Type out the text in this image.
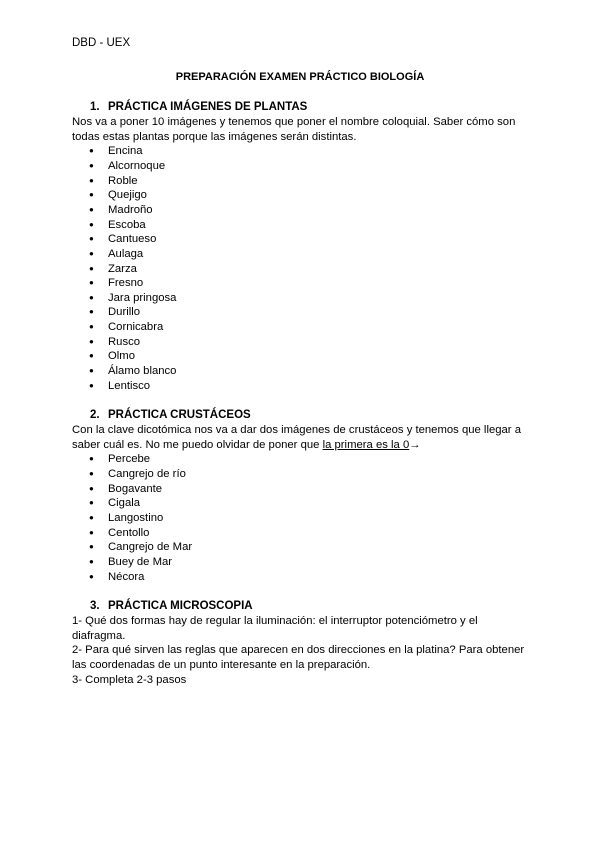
DBD - UEX
PREPARACIÓN EXAMEN PRÁCTICO BIOLOGÍA
1. PRÁCTICA IMÁGENES DE PLANTAS
Nos va a poner 10 imágenes y tenemos que poner el nombre coloquial. Saber cómo son todas estas plantas porque las imágenes serán distintas.
● Encina
● Alcornoque
● Roble
● Quejigo
● Madroño
● Escoba
● Cantueso
● Aulaga
● Zarza
● Fresno
● Jara pringosa
● Durillo
● Cornicabra
● Rusco
● Olmo
● Álamo blanco
● Lentisco
2. PRÁCTICA CRUSTÁCEOS
Con la clave dicotómica nos va a dar dos imágenes de crustáceos y tenemos que llegar a saber cuál es. No me puedo olvidar de poner que la primera es la 0→
● Percebe
● Cangrejo de río
● Bogavante
● Cigala
● Langostino
● Centollo
● Cangrejo de Mar
● Buey de Mar
● Nécora
3. PRÁCTICA MICROSCOPIA
1- Qué dos formas hay de regular la iluminación: el interruptor potenciómetro y el diafragma.
2- Para qué sirven las reglas que aparecen en dos direcciones en la platina? Para obtener las coordenadas de un punto interesante en la preparación.
3- Completa 2-3 pasos
